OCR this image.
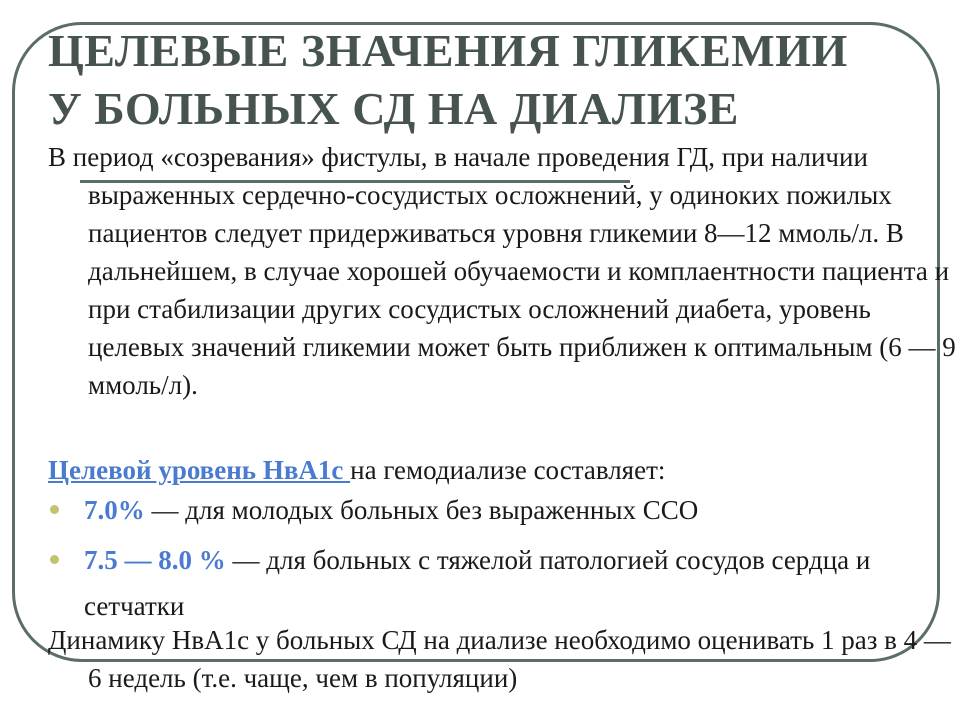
ЦЕЛЕВЫЕ ЗНАЧЕНИЯ ГЛИКЕМИИ
У БОЛЬНЫХ СД НА ДИАЛИЗЕ

В период «созревания» фистулы, в начале проведения ГД, при наличии выраженных сердечно-сосудистых осложнений, у одиноких пожилых пациентов следует придерживаться уровня гликемии 8—12 ммоль/л. В дальнейшем, в случае хорошей обучаемости и комплаентности пациента и при стабилизации других сосудистых осложнений диабета, уровень целевых значений гликемии может быть приближен к оптимальным (6 — 9 ммоль/л).

Целевой уровень НвА1с на гемодиализе составляет:

7.0% — для молодых больных без выраженных ССО
7.5 — 8.0 % — для больных с тяжелой патологией сосудов сердца и сетчатки

Динамику НвА1с у больных СД на диализе необходимо оценивать 1 раз в 4 — 6 недель (т.е. чаще, чем в популяции)
